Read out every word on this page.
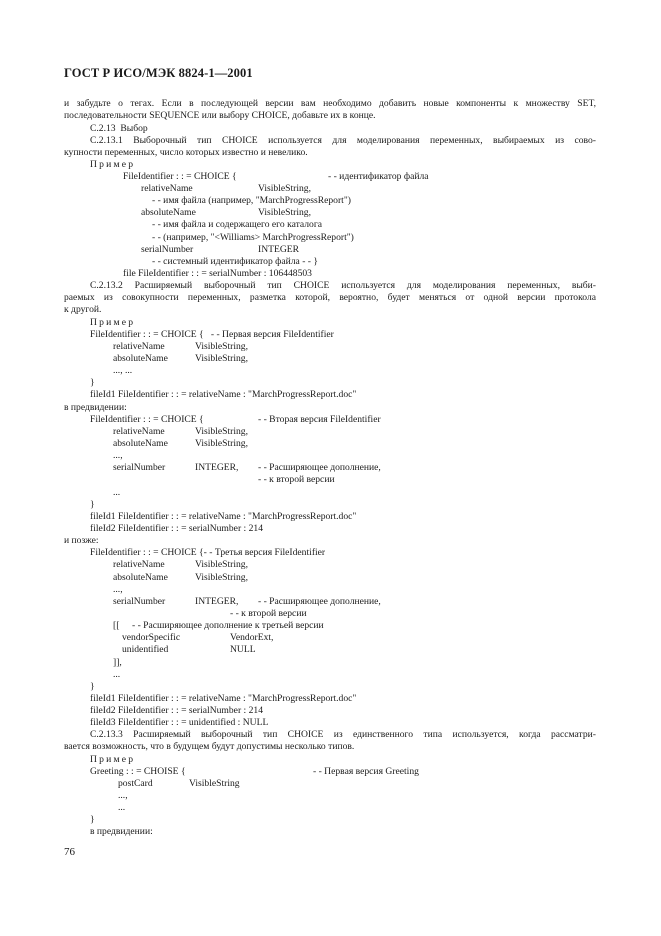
ГОСТ Р ИСО/МЭК 8824-1—2001
и забудьте о тегах. Если в последующей версии вам необходимо добавить новые компоненты к множеству SET,
последовательности SEQUENCE или выбору CHOICE, добавьте их в конце.
C.2.13  Выбор
C.2.13.1 Выборочный тип CHOICE используется для моделирования переменных, выбираемых из сово-
купности переменных, число которых известно и невелико.
Пример
FileIdentifier : : = CHOICE {	- - идентификатор файла
relativeName	VisibleString,
- - имя файла (например, "MarchProgressReport")
absoluteName	VisibleString,
- - имя файла и содержащего его каталога
- - (например, "<Williams> MarchProgressReport")
serialNumber	INTEGER
- - системный идентификатор файла - - }
file FileIdentifier : : = serialNumber : 106448503
C.2.13.2 Расширяемый выборочный тип CHOICE используется для моделирования переменных, выби-
раемых из совокупности переменных, разметка которой, вероятно, будет меняться от одной версии протокола
к другой.
Пример
FileIdentifier : : = CHOICE {   - - Первая версия FileIdentifier
relativeName	VisibleString,
absoluteName	VisibleString,
..., ...
}
fileId1 FileIdentifier : : = relativeName : "MarchProgressReport.doc"
в предвидении:
FileIdentifier : : = CHOICE {	- - Вторая версия FileIdentifier
relativeName	VisibleString,
absoluteName	VisibleString,
...,
serialNumber	INTEGER, - - Расширяющее дополнение,
- - к второй версии
...
}
fileId1 FileIdentifier : : = relativeName : "MarchProgressReport.doc"
fileId2 FileIdentifier : : = serialNumber : 214
и позже:
FileIdentifier : : = CHOICE {- - Третья версия FileIdentifier
relativeName	VisibleString,
absoluteName	VisibleString,
...,
serialNumber	INTEGER, - - Расширяющее дополнение,
- - к второй версии
[[ - - Расширяющее дополнение к третьей версии
vendorSpecific	VendorExt,
unidentified	NULL
]],
...
}
fileId1 FileIdentifier : : = relativeName : "MarchProgressReport.doc"
fileId2 FileIdentifier : : = serialNumber : 214
fileId3 FileIdentifier : : = unidentified : NULL
C.2.13.3 Расширяемый выборочный тип CHOICE из единственного типа используется, когда рассматри-
вается возможность, что в будущем будут допустимы несколько типов.
Пример
Greeting : : = CHOISE {	- - Первая версия Greeting
postCard	VisibleString
...,
...
}
в предвидении:
76
